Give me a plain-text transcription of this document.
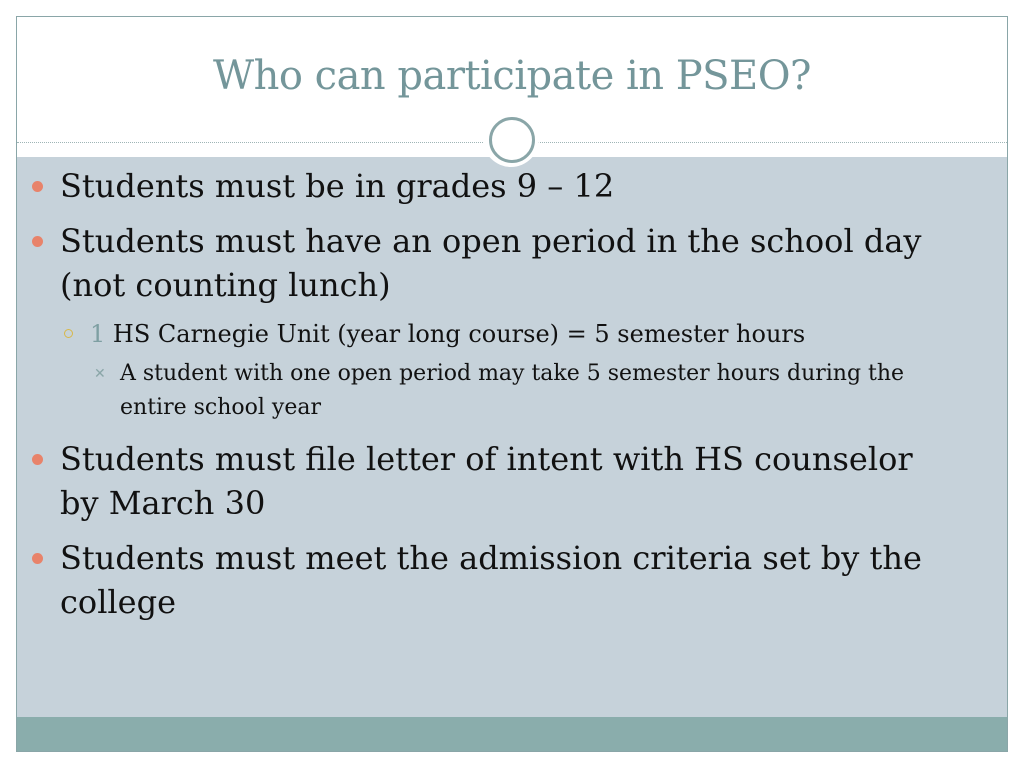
Who can participate in PSEO?
Students must be in grades 9 – 12
Students must have an open period in the school day (not counting lunch)
1 HS Carnegie Unit (year long course) = 5 semester hours
✕ A student with one open period may take 5 semester hours during the entire school year
Students must file letter of intent with HS counselor by March 30
Students must meet the admission criteria set by the college
